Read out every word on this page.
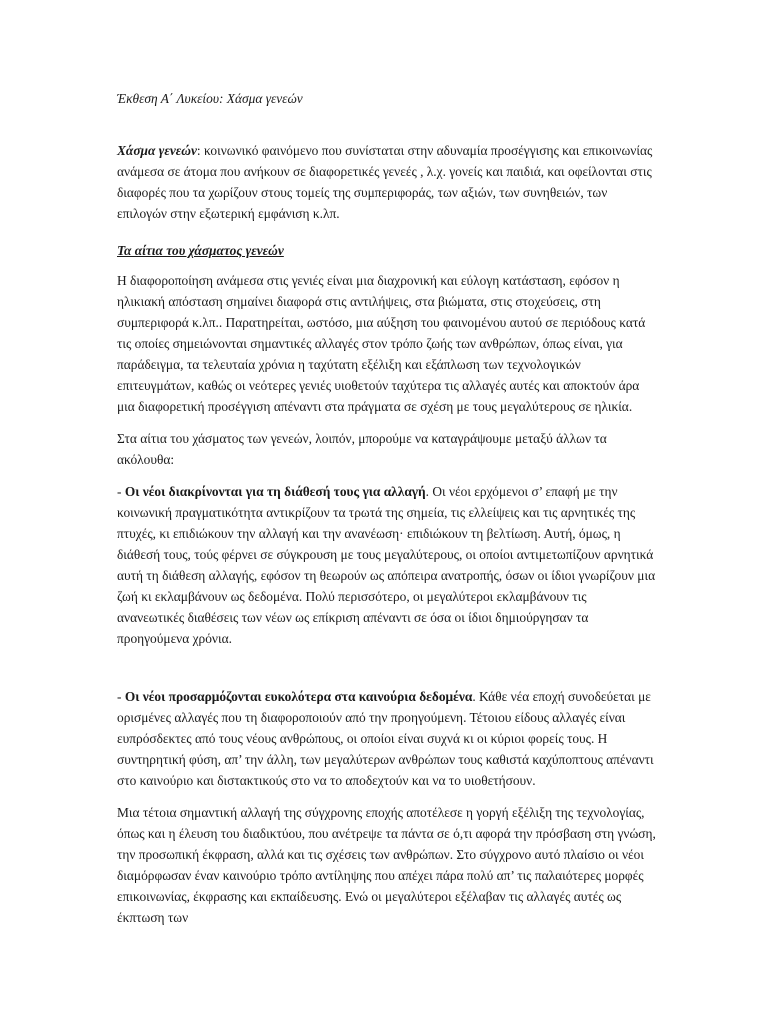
Έκθεση Α΄ Λυκείου: Χάσμα γενεών

Χάσμα γενεών: κοινωνικό φαινόμενο που συνίσταται στην αδυναμία προσέγγισης και επικοινωνίας ανάμεσα σε άτομα που ανήκουν σε διαφορετικές γενεές , λ.χ. γονείς και παιδιά, και οφείλονται στις διαφορές που τα χωρίζουν στους τομείς της συμπεριφοράς, των αξιών, των συνηθειών, των επιλογών στην εξωτερική εμφάνιση κ.λπ.

Τα αίτια του χάσματος γενεών

Η διαφοροποίηση ανάμεσα στις γενιές είναι μια διαχρονική και εύλογη κατάσταση, εφόσον η ηλικιακή απόσταση σημαίνει διαφορά στις αντιλήψεις, στα βιώματα, στις στοχεύσεις, στη συμπεριφορά κ.λπ.. Παρατηρείται, ωστόσο, μια αύξηση του φαινομένου αυτού σε περιόδους κατά τις οποίες σημειώνονται σημαντικές αλλαγές στον τρόπο ζωής των ανθρώπων, όπως είναι, για παράδειγμα, τα τελευταία χρόνια η ταχύτατη εξέλιξη και εξάπλωση των τεχνολογικών επιτευγμάτων, καθώς οι νεότερες γενιές υιοθετούν ταχύτερα τις αλλαγές αυτές και αποκτούν άρα μια διαφορετική προσέγγιση απέναντι στα πράγματα σε σχέση με τους μεγαλύτερους σε ηλικία.

Στα αίτια του χάσματος των γενεών, λοιπόν, μπορούμε να καταγράψουμε μεταξύ άλλων τα ακόλουθα:

- Οι νέοι διακρίνονται για τη διάθεσή τους για αλλαγή. Οι νέοι ερχόμενοι σ’ επαφή με την κοινωνική πραγματικότητα αντικρίζουν τα τρωτά της σημεία, τις ελλείψεις και τις αρνητικές της πτυχές, κι επιδιώκουν την αλλαγή και την ανανέωση· επιδιώκουν τη βελτίωση. Αυτή, όμως, η διάθεσή τους, τούς φέρνει σε σύγκρουση με τους μεγαλύτερους, οι οποίοι αντιμετωπίζουν αρνητικά αυτή τη διάθεση αλλαγής, εφόσον τη θεωρούν ως απόπειρα ανατροπής, όσων οι ίδιοι γνωρίζουν μια ζωή κι εκλαμβάνουν ως δεδομένα. Πολύ περισσότερο, οι μεγαλύτεροι εκλαμβάνουν τις ανανεωτικές διαθέσεις των νέων ως επίκριση απέναντι σε όσα οι ίδιοι δημιούργησαν τα προηγούμενα χρόνια.

- Οι νέοι προσαρμόζονται ευκολότερα στα καινούρια δεδομένα. Κάθε νέα εποχή συνοδεύεται με ορισμένες αλλαγές που τη διαφοροποιούν από την προηγούμενη. Τέτοιου είδους αλλαγές είναι ευπρόσδεκτες από τους νέους ανθρώπους, οι οποίοι είναι συχνά κι οι κύριοι φορείς τους. Η συντηρητική φύση, απ’ την άλλη, των μεγαλύτερων ανθρώπων τους καθιστά καχύποπτους απέναντι στο καινούριο και διστακτικούς στο να το αποδεχτούν και να το υιοθετήσουν.

Μια τέτοια σημαντική αλλαγή της σύγχρονης εποχής αποτέλεσε η γοργή εξέλιξη της τεχνολογίας, όπως και η έλευση του διαδικτύου, που ανέτρεψε τα πάντα σε ό,τι αφορά την πρόσβαση στη γνώση, την προσωπική έκφραση, αλλά και τις σχέσεις των ανθρώπων. Στο σύγχρονο αυτό πλαίσιο οι νέοι διαμόρφωσαν έναν καινούριο τρόπο αντίληψης που απέχει πάρα πολύ απ’ τις παλαιότερες μορφές επικοινωνίας, έκφρασης και εκπαίδευσης. Ενώ οι μεγαλύτεροι εξέλαβαν τις αλλαγές αυτές ως έκπτωση των
